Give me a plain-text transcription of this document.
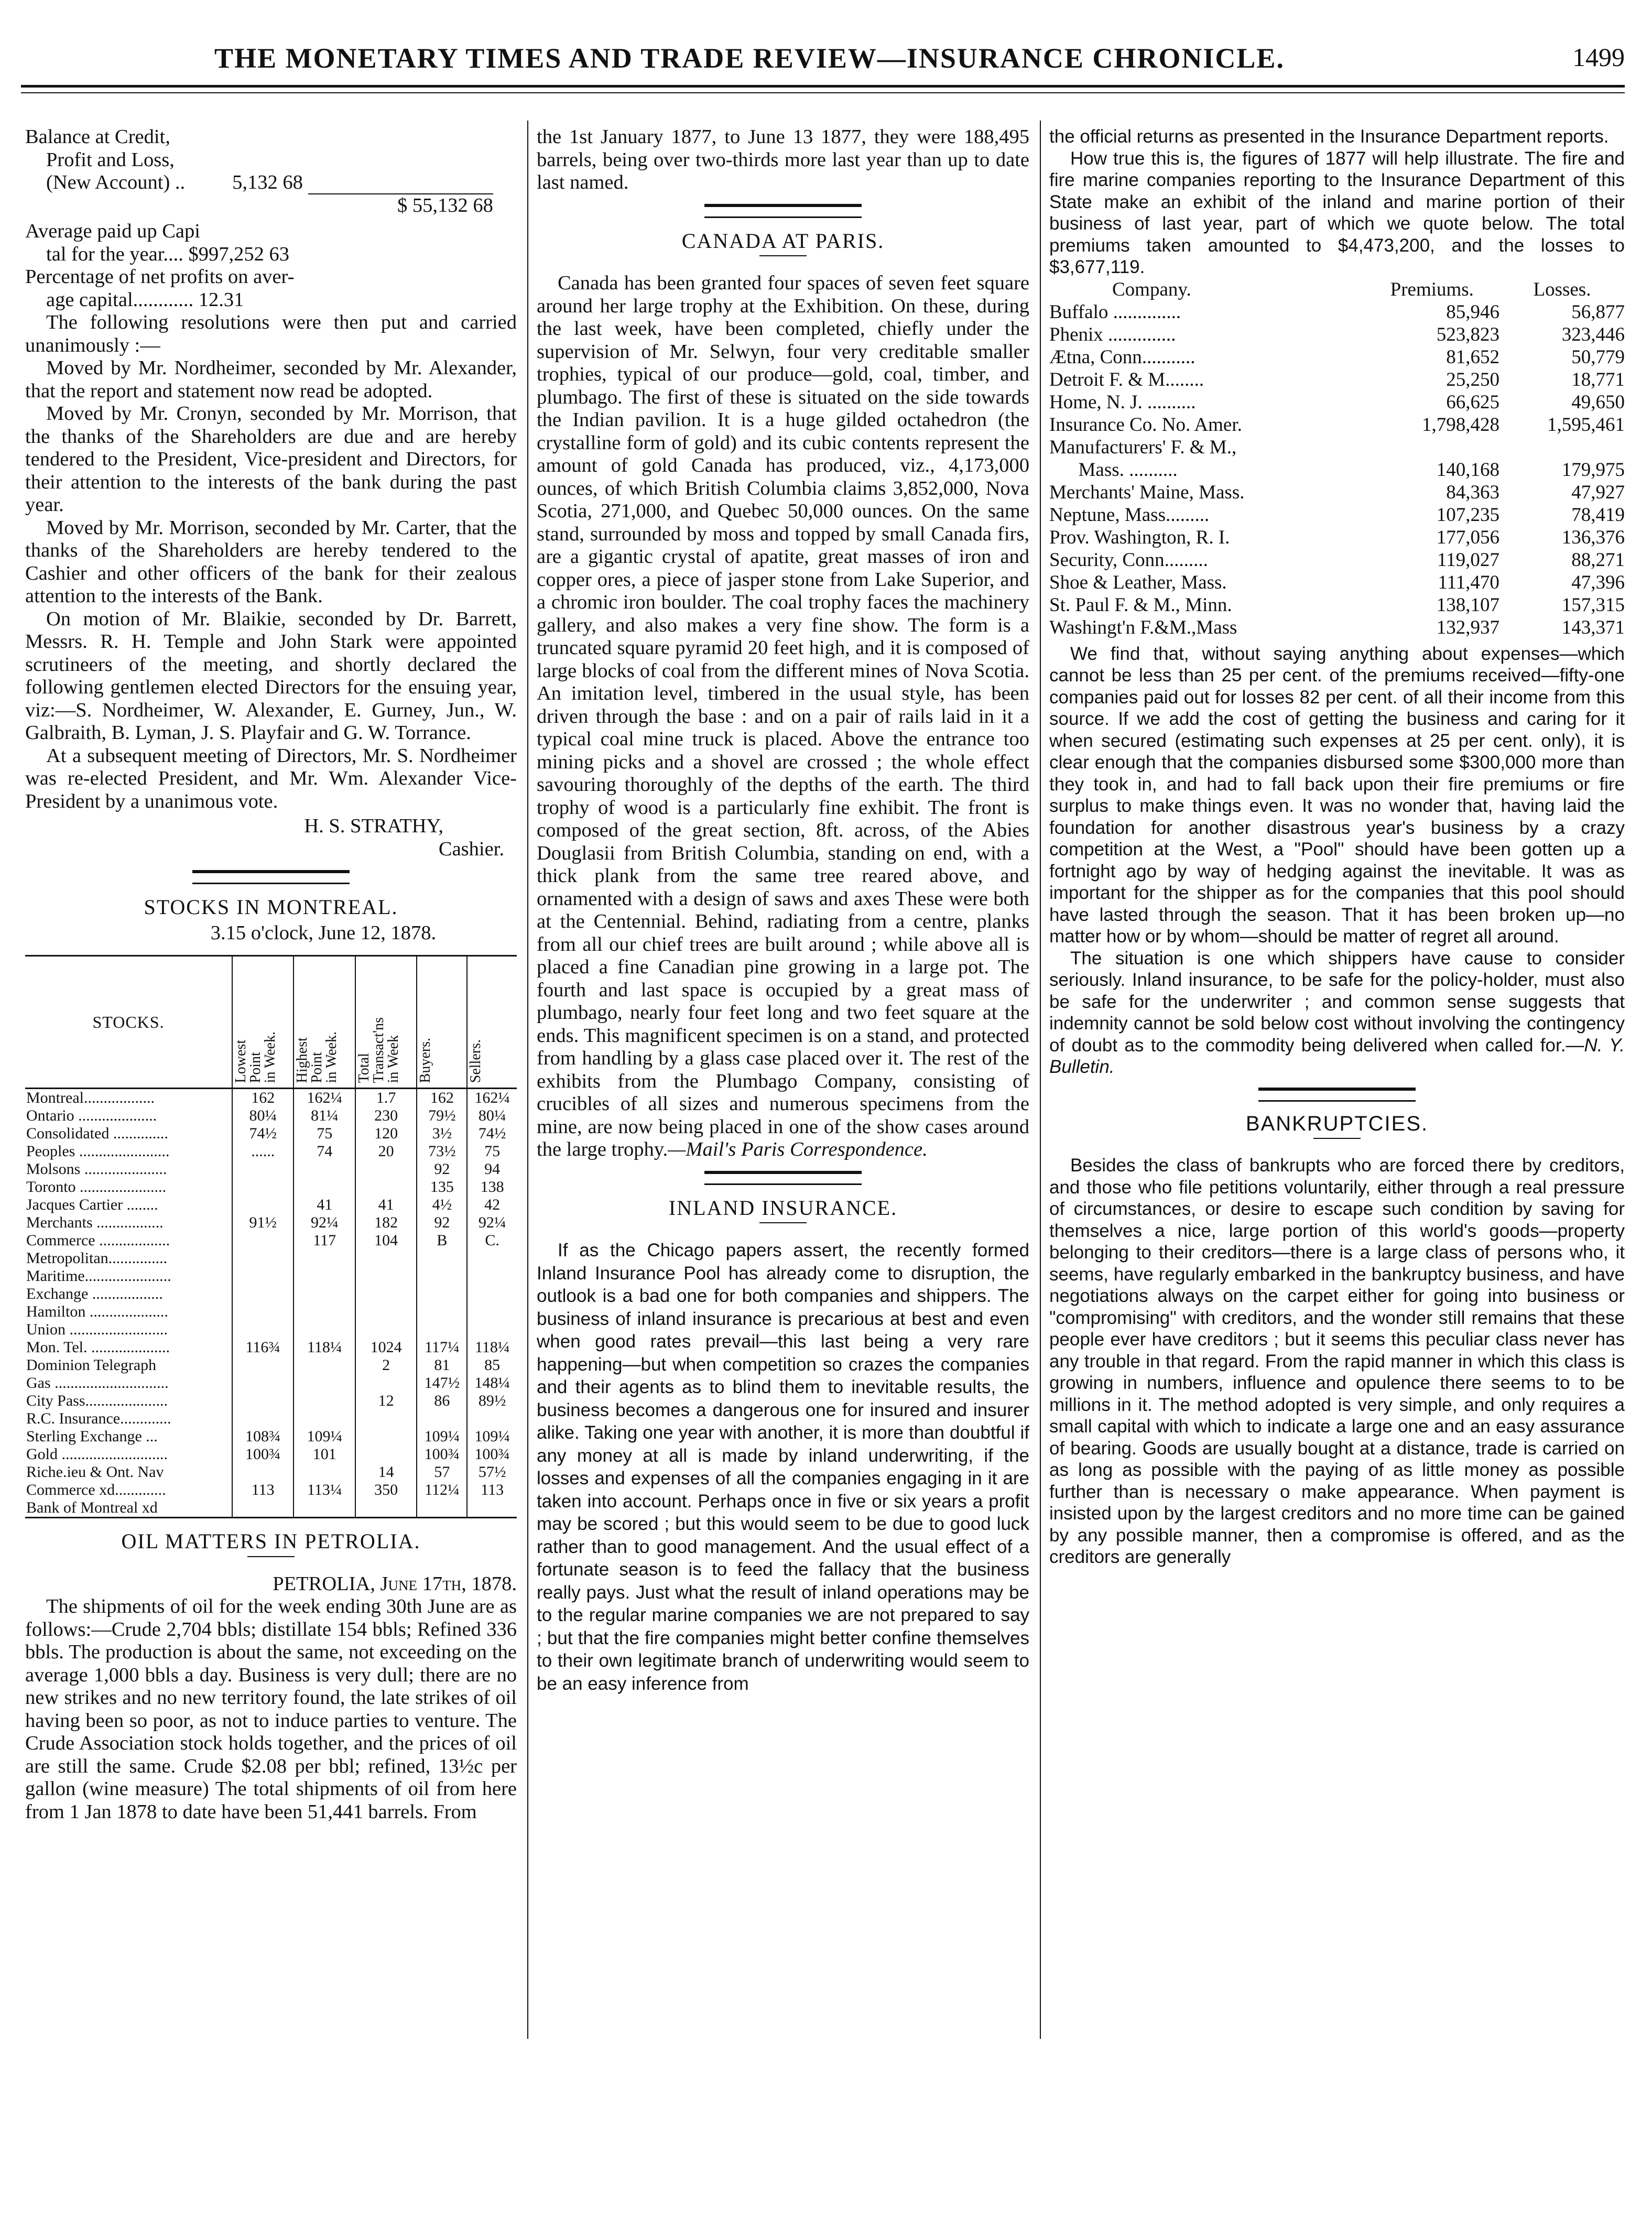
THE MONETARY TIMES AND TRADE REVIEW—INSURANCE CHRONICLE.	1499
Balance at Credit,
Profit and Loss,
(New Account) .. 5,132 68
$ 55,132 68
Average paid up Capi
tal for the year.... $997,252 63
Percentage of net profits on aver-
age capital............ 12.31

The following resolutions were then put and carried unanimously :—

Moved by Mr. Nordheimer, seconded by Mr. Alexander, that the report and statement now read be adopted.

Moved by Mr. Cronyn, seconded by Mr. Morrison, that the thanks of the Shareholders are due and are hereby tendered to the President, Vice-president and Directors, for their attention to the interests of the bank during the past year.

Moved by Mr. Morrison, seconded by Mr. Carter, that the thanks of the Shareholders are hereby tendered to the Cashier and other officers of the bank for their zealous attention to the interests of the Bank.

On motion of Mr. Blaikie, seconded by Dr. Barrett, Messrs. R. H. Temple and John Stark were appointed scrutineers of the meeting, and shortly declared the following gentlemen elected Directors for the ensuing year, viz:—S. Nordheimer, W. Alexander, E. Gurney, Jun., W. Galbraith, B. Lyman, J. S. Playfair and G. W. Torrance.

At a subsequent meeting of Directors, Mr. S. Nordheimer was re-elected President, and Mr. Wm. Alexander Vice-President by a unanimous vote.

H. S. STRATHY,
Cashier.
STOCKS IN MONTREAL.
3.15 o'clock, June 12, 1878.
STOCKS.	Lowest
Point
in Week.	Highest
Point
in Week.	Total
Transact'ns
in Week	Buyers.	Sellers.
Montreal..................	162	162¼	1.7	162	162¼
Ontario ....................	80¼	81¼	230	79½	80¼
Consolidated ..............	74½	75	120	3½	74½
Peoples .......................	......	74	20	73½	75
Molsons .....................				92	94
Toronto ......................				135	138
Jacques Cartier ........		41	41	4½	42
Merchants .................	91½	92¼	182	92	92¼
Commerce ..................		117	104	B	C.
Metropolitan...............					
Maritime......................					
Exchange ..................					
Hamilton ....................					
Union .........................					
Mon. Tel. ....................	116¾	118¼	1024	117¼	118¼
Dominion Telegraph			2	81	85
Gas .............................				147½	148¼
City Pass.....................			12	86	89½
R.C. Insurance.............					
Sterling Exchange ...	108¾	109¼		109¼	109¼
Gold ...........................	100¾	101		100¾	100¾
Riche.ieu & Ont. Nav			14	57	57½
Commerce xd.............	113	113¼	350	112¼	113
Bank of Montreal xd					
OIL MATTERS IN PETROLIA.
PETROLIA, June 17th, 1878.

The shipments of oil for the week ending 30th June are as follows:—Crude 2,704 bbls; distillate 154 bbls; Refined 336 bbls. The production is about the same, not exceeding on the average 1,000 bbls a day. Business is very dull; there are no new strikes and no new territory found, the late strikes of oil having been so poor, as not to induce parties to venture. The Crude Association stock holds together, and the prices of oil are still the same. Crude $2.08 per bbl; refined, 13½c per gallon (wine measure) The total shipments of oil from here from 1 Jan 1878 to date have been 51,441 barrels. From

the 1st January 1877, to June 13 1877, they were 188,495 barrels, being over two-thirds more last year than up to date last named.

CANADA AT PARIS.

Canada has been granted four spaces of seven feet square around her large trophy at the Exhibition. On these, during the last week, have been completed, chiefly under the supervision of Mr. Selwyn, four very creditable smaller trophies, typical of our produce—gold, coal, timber, and plumbago. The first of these is situated on the side towards the Indian pavilion. It is a huge gilded octahedron (the crystalline form of gold) and its cubic contents represent the amount of gold Canada has produced, viz., 4,173,000 ounces, of which British Columbia claims 3,852,000, Nova Scotia, 271,000, and Quebec 50,000 ounces. On the same stand, surrounded by moss and topped by small Canada firs, are a gigantic crystal of apatite, great masses of iron and copper ores, a piece of jasper stone from Lake Superior, and a chromic iron boulder. The coal trophy faces the machinery gallery, and also makes a very fine show. The form is a truncated square pyramid 20 feet high, and it is composed of large blocks of coal from the different mines of Nova Scotia. An imitation level, timbered in the usual style, has been driven through the base : and on a pair of rails laid in it a typical coal mine truck is placed. Above the entrance too mining picks and a shovel are crossed ; the whole effect savouring thoroughly of the depths of the earth. The third trophy of wood is a particularly fine exhibit. The front is composed of the great section, 8ft. across, of the Abies Douglasii from British Columbia, standing on end, with a thick plank from the same tree reared above, and ornamented with a design of saws and axes These were both at the Centennial. Behind, radiating from a centre, planks from all our chief trees are built around ; while above all is placed a fine Canadian pine growing in a large pot. The fourth and last space is occupied by a great mass of plumbago, nearly four feet long and two feet square at the ends. This magnificent specimen is on a stand, and protected from handling by a glass case placed over it. The rest of the exhibits from the Plumbago Company, consisting of crucibles of all sizes and numerous specimens from the mine, are now being placed in one of the show cases around the large trophy.—Mail's Paris Correspondence.

INLAND INSURANCE.

If as the Chicago papers assert, the recently formed Inland Insurance Pool has already come to disruption, the outlook is a bad one for both companies and shippers. The business of inland insurance is precarious at best and even when good rates prevail—this last being a very rare happening—but when competition so crazes the companies and their agents as to blind them to inevitable results, the business becomes a dangerous one for insured and insurer alike. Taking one year with another, it is more than doubtful if any money at all is made by inland underwriting, if the losses and expenses of all the companies engaging in it are taken into account. Perhaps once in five or six years a profit may be scored ; but this would seem to be due to good luck rather than to good management. And the usual effect of a fortunate season is to feed the fallacy that the business really pays. Just what the result of inland operations may be to the regular marine companies we are not prepared to say ; but that the fire companies might better confine themselves to their own legitimate branch of underwriting would seem to be an easy inference from

the official returns as presented in the Insurance Department reports.

How true this is, the figures of 1877 will help illustrate. The fire and fire marine companies reporting to the Insurance Department of this State make an exhibit of the inland and marine portion of their business of last year, part of which we quote below. The total premiums taken amounted to $4,473,200, and the losses to $3,677,119.

Company.	Premiums.	Losses.
Buffalo ..............	85,946	56,877
Phenix ..............	523,823	323,446
Ætna, Conn...........	81,652	50,779
Detroit F. & M........	25,250	18,771
Home, N. J. ..........	66,625	49,650
Insurance Co. No. Amer.	1,798,428	1,595,461
Manufacturers' F. & M.,		
Mass. ..........	140,168	179,975
Merchants' Maine, Mass.	84,363	47,927
Neptune, Mass.........	107,235	78,419
Prov. Washington, R. I.	177,056	136,376
Security, Conn.........	119,027	88,271
Shoe & Leather, Mass.	111,470	47,396
St. Paul F. & M., Minn.	138,107	157,315
Washingt'n F.&M.,Mass	132,937	143,371

We find that, without saying anything about expenses—which cannot be less than 25 per cent. of the premiums received—fifty-one companies paid out for losses 82 per cent. of all their income from this source. If we add the cost of getting the business and caring for it when secured (estimating such expenses at 25 per cent. only), it is clear enough that the companies disbursed some $300,000 more than they took in, and had to fall back upon their fire premiums or fire surplus to make things even. It was no wonder that, having laid the foundation for another disastrous year's business by a crazy competition at the West, a "Pool" should have been gotten up a fortnight ago by way of hedging against the inevitable. It was as important for the shipper as for the companies that this pool should have lasted through the season. That it has been broken up—no matter how or by whom—should be matter of regret all around.

The situation is one which shippers have cause to consider seriously. Inland insurance, to be safe for the policy-holder, must also be safe for the underwriter ; and common sense suggests that indemnity cannot be sold below cost without involving the contingency of doubt as to the commodity being delivered when called for.—N. Y. Bulletin.

BANKRUPTCIES.

Besides the class of bankrupts who are forced there by creditors, and those who file petitions voluntarily, either through a real pressure of circumstances, or desire to escape such condition by saving for themselves a nice, large portion of this world's goods—property belonging to their creditors—there is a large class of persons who, it seems, have regularly embarked in the bankruptcy business, and have negotiations always on the carpet either for going into business or "compromising" with creditors, and the wonder still remains that these people ever have creditors ; but it seems this peculiar class never has any trouble in that regard. From the rapid manner in which this class is growing in numbers, influence and opulence there seems to to be millions in it. The method adopted is very simple, and only requires a small capital with which to indicate a large one and an easy assurance of bearing. Goods are usually bought at a distance, trade is carried on as long as possible with the paying of as little money as possible further than is necessary o make appearance. When payment is insisted upon by the largest creditors and no more time can be gained by any possible manner, then a compromise is offered, and as the creditors are generally
